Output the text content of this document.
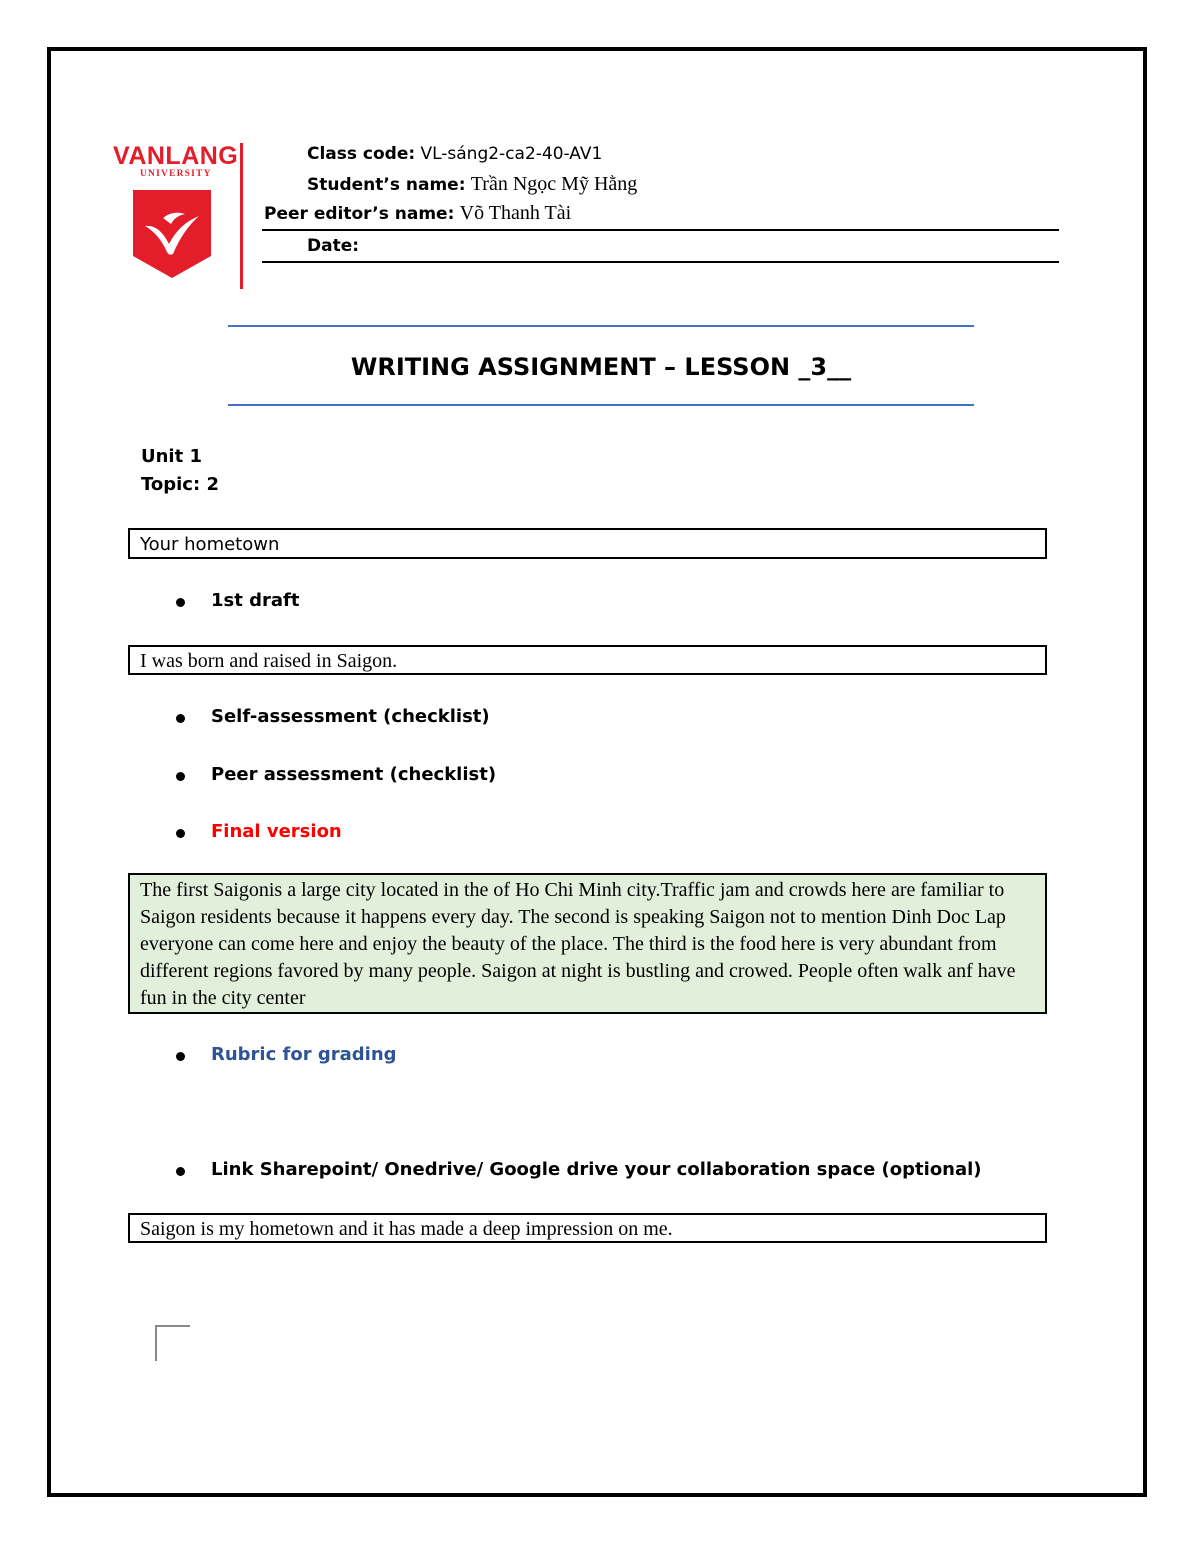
VANLANG
UNIVERSITY
Class code: VL-sáng2-ca2-40-AV1
Student’s name: Trần Ngọc Mỹ Hằng
Peer editor’s name: Võ Thanh Tài
Date:
WRITING ASSIGNMENT – LESSON _3__
Unit 1
Topic: 2
Your hometown
1st draft
I was born and raised in Saigon.
Self-assessment (checklist)
Peer assessment (checklist)
Final version
The first Saigonis a large city located in the of Ho Chi Minh city.Traffic jam and crowds here are familiar to Saigon residents because it happens every day. The second is speaking Saigon not to mention Dinh Doc Lap everyone can come here and enjoy the beauty of the place. The third is the food here is very abundant from different regions favored by many people. Saigon at night is bustling and crowed. People often walk anf have fun in the city center
Rubric for grading
Link Sharepoint/ Onedrive/ Google drive your collaboration space (optional)
Saigon is my hometown and it has made a deep impression on me.
